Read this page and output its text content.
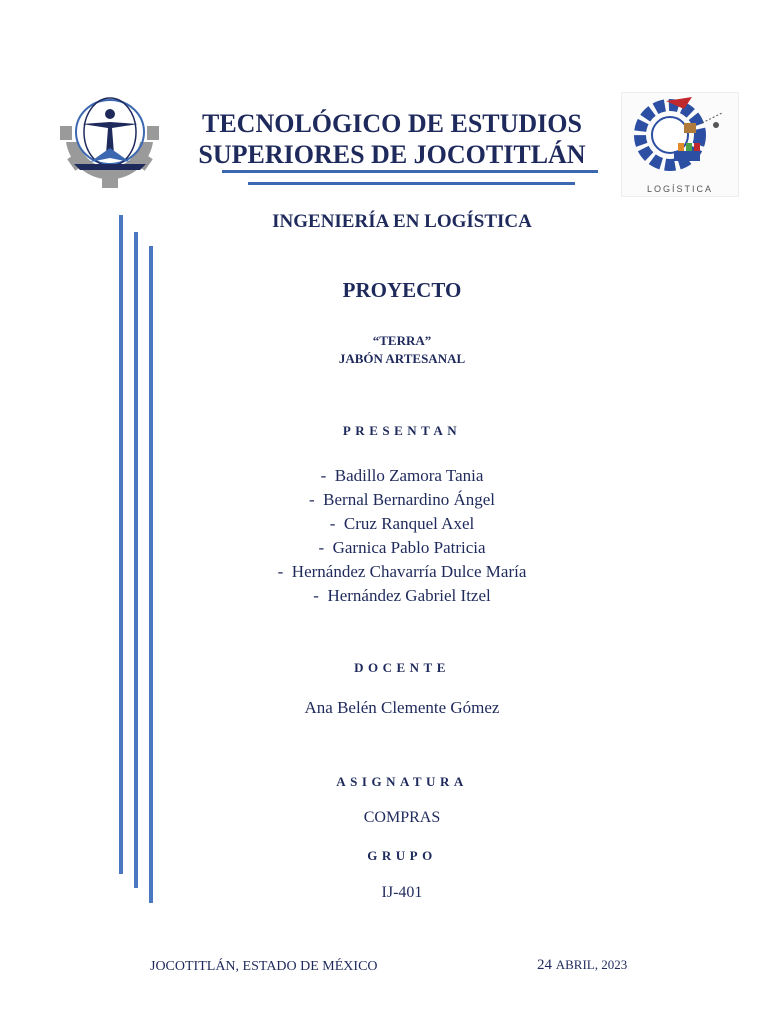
TECNOLÓGICO DE ESTUDIOS
SUPERIORES DE JOCOTITLÁN
LOGÍSTICA
INGENIERÍA EN LOGÍSTICA
PROYECTO
“TERRA”
JABÓN ARTESANAL
PRESENTAN
- Badillo Zamora Tania
- Bernal Bernardino Ángel
- Cruz Ranquel Axel
- Garnica Pablo Patricia
- Hernández Chavarría Dulce María
- Hernández Gabriel Itzel
DOCENTE
Ana Belén Clemente Gómez
ASIGNATURA
COMPRAS
GRUPO
IJ-401
JOCOTITLÁN, ESTADO DE MÉXICO	24 ABRIL, 2023
